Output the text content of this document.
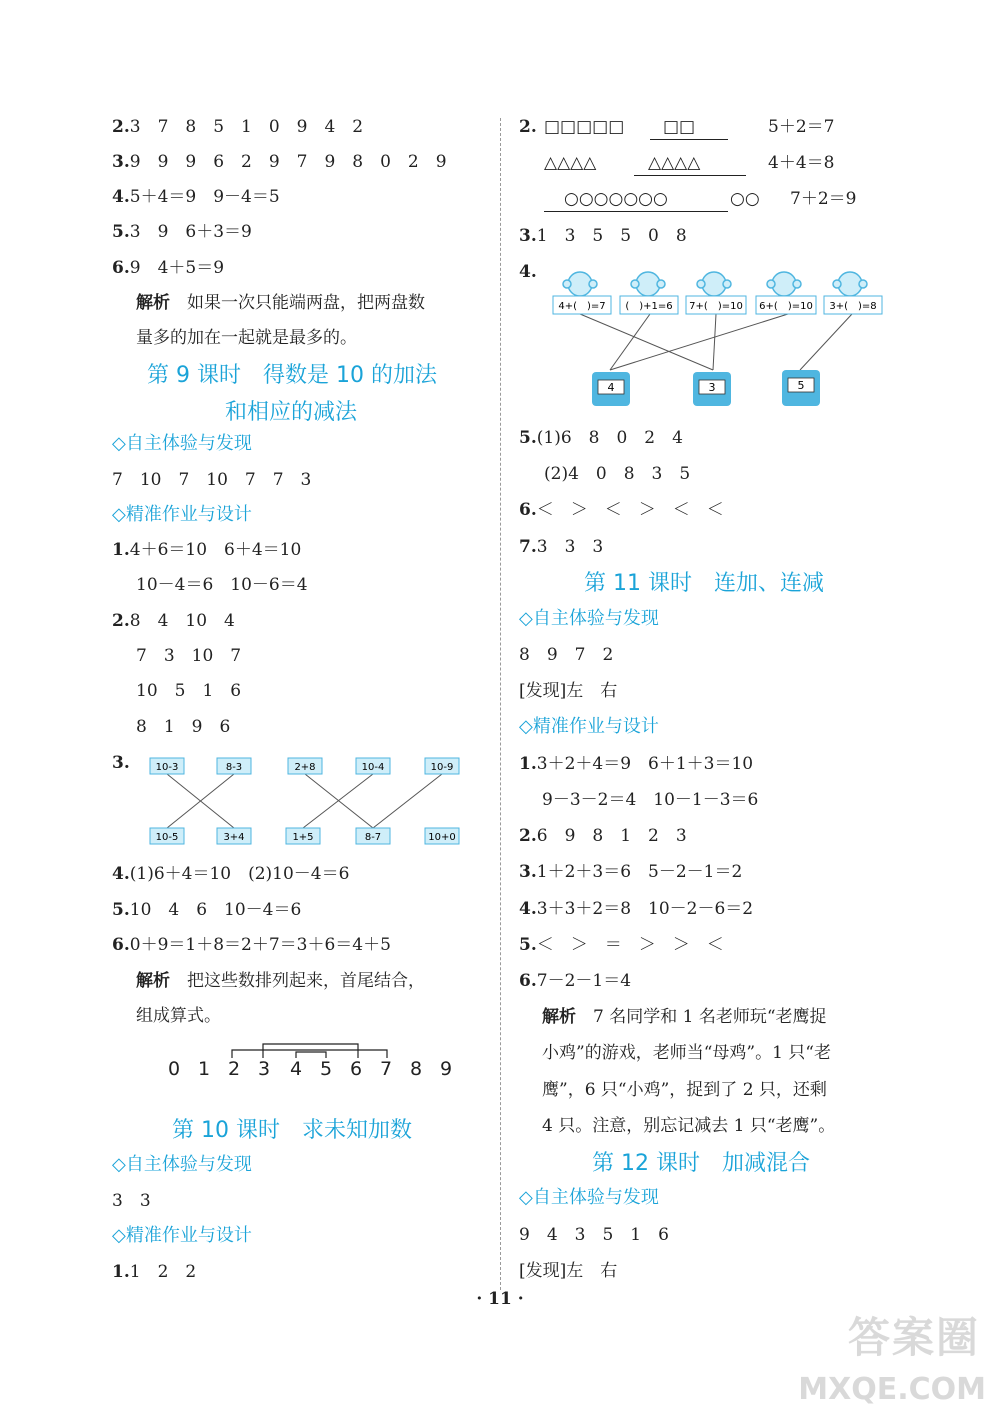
2.3　7　8　5　1　0　9　4　2
3.9　9　9　6　2　9　7　9　8　0　2　9
4.5＋4＝9　9－4＝5
5.3　9　6＋3＝9
6.9　4＋5＝9
解析　 如果一次只能端两盘，把两盘数
量多的加在一起就是最多的。
第 9 课时　得数是 10 的加法
和相应的减法
◇自主体验与发现
7　10　7　10　7　7　3
◇精准作业与设计
1.4＋6＝10　6＋4＝10
10－4＝6　10－6＝4
2.8　4　10　4
7　3　10　7
10　5　1　6
8　1　9　6
3.	10-3	8-3	2+8	10-4	10-9
10-5	3+4	1+5	8-7	10+0
4.(1)6＋4＝10　(2)10－4＝6
5.10　4　6　10－4＝6
6.0＋9＝1＋8＝2＋7＝3＋6＝4＋5
解析　 把这些数排列起来，首尾结合，
组成算式。
0 1 2 3 4 5 6 7 8 9
第 10 课时　求未知加数
◇自主体验与发现
3　3
◇精准作业与设计
1.1　2　2
2. □□□□□ □□	5＋2＝7
△△△△	△△△△	4＋4＝8
○○○○○○○	○○ 7＋2＝9
3.1　3　5　5　0　8
4.
4+(　)=7 (　)+1=6 7+(　)=10 6+(　)=10 3+(　)=8
4	3	5
5.(1)6　8　0　2　4
(2)4　0　8　3　5
6.＜　＞　＜　＞　＜　＜
7.3　3　3
第 11 课时　连加、连减
◇自主体验与发现
8　9　7　2
[发现]左　右
◇精准作业与设计
1.3＋2＋4＝9　6＋1＋3＝10
9－3－2＝4　10－1－3＝6
2.6　9　8　1　2　3
3.1＋2＋3＝6　5－2－1＝2
4.3＋3＋2＝8　10－2－6＝2
5.＜　＞　＝　＞　＞　＜
6.7－2－1＝4
解析　 7 名同学和 1 名老师玩“老鹰捉
小鸡”的游戏，老师当“母鸡”。1 只“老
鹰”，6 只“小鸡”，捉到了 2 只，还剩
4 只。注意，别忘记减去 1 只“老鹰”。
第 12 课时　加减混合
◇自主体验与发现
9　4　3　5　1　6
[发现]左　右
· 11 ·
答案圈
MXQE.COM
